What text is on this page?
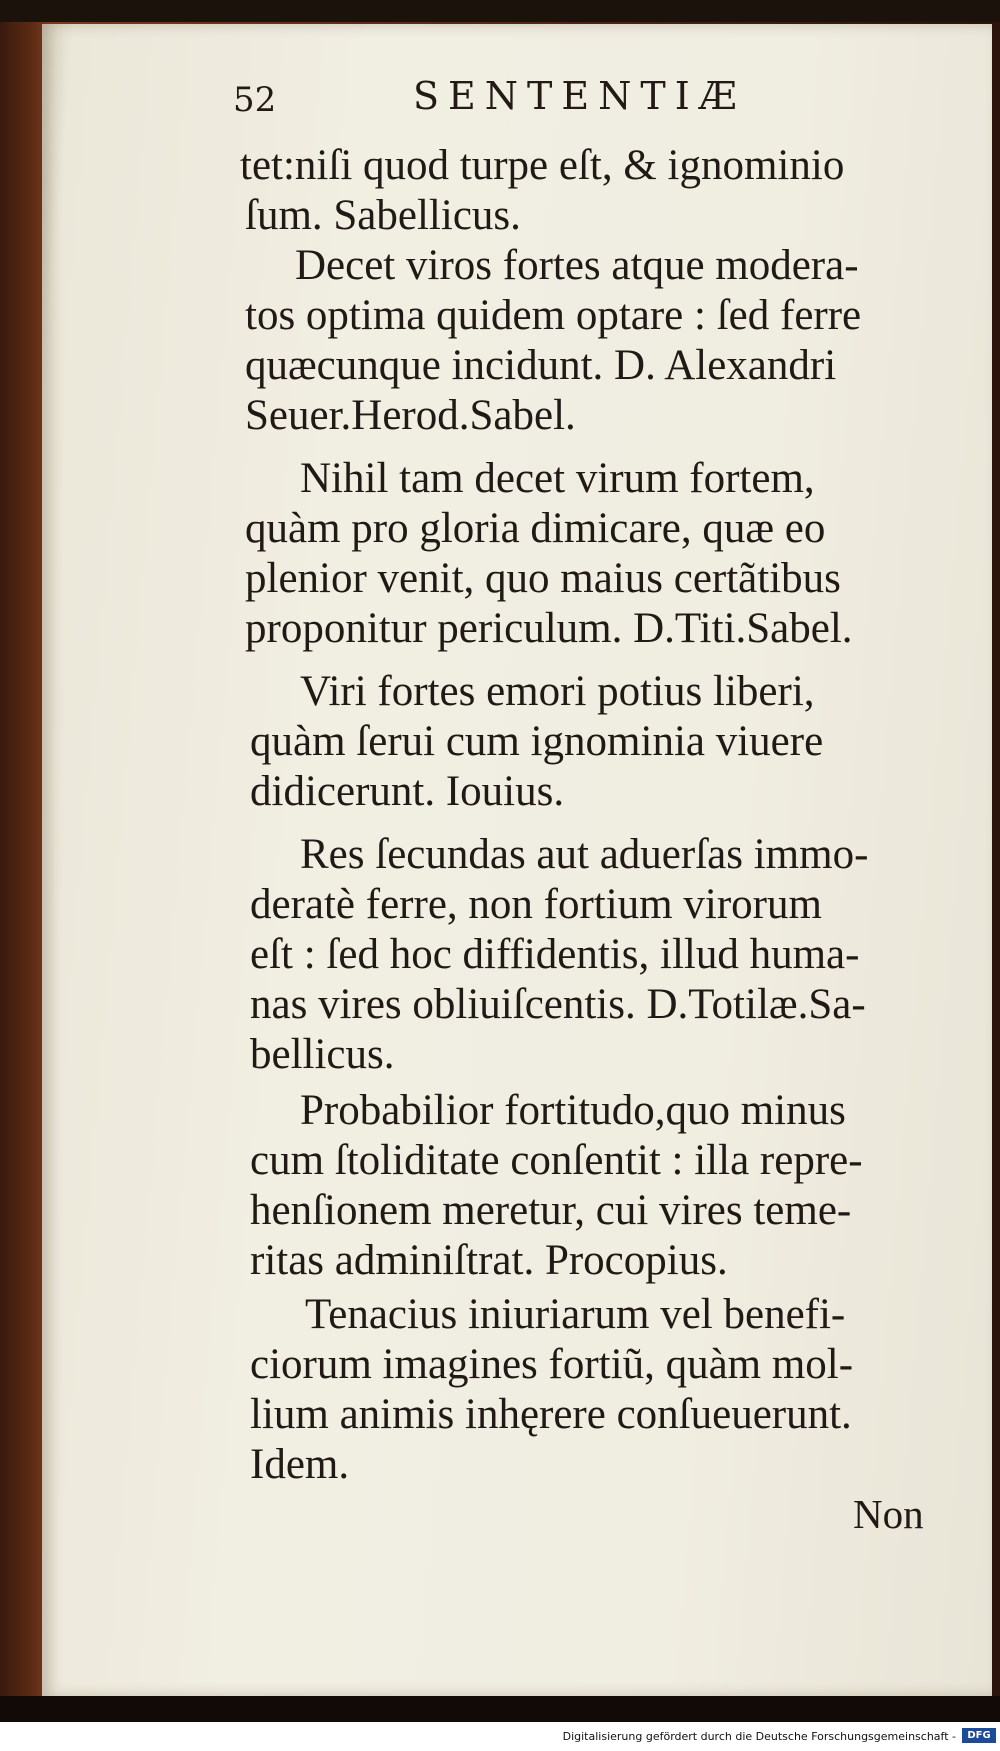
52	SENTENTIÆ
tet:niſi quod turpe eſt, & ignominio
ſum. Sabellicus.
Decet viros fortes atque modera-
tos optima quidem optare : ſed ferre
quæcunque incidunt. D. Alexandri
Seuer.Herod.Sabel.
Nihil tam decet virum fortem,
quàm pro gloria dimicare, quæ eo
plenior venit, quo maius certãtibus
proponitur periculum. D.Titi.Sabel.
Viri fortes emori potius liberi,
quàm ſerui cum ignominia viuere
didicerunt. Iouius.
Res ſecundas aut aduerſas immo-
deratè ferre, non fortium virorum
eſt : ſed hoc diffidentis, illud huma-
nas vires obliuiſcentis. D.Totilæ.Sa-
bellicus.
Probabilior fortitudo,quo minus
cum ſtoliditate conſentit : illa repre-
henſionem meretur, cui vires teme-
ritas adminiſtrat. Procopius.
Tenacius iniuriarum vel benefi-
ciorum imagines fortiũ, quàm mol-
lium animis inhęrere conſueuerunt.
Idem.
Non
Digitalisierung gefördert durch die Deutsche Forschungsgemeinschaft -	DFG
